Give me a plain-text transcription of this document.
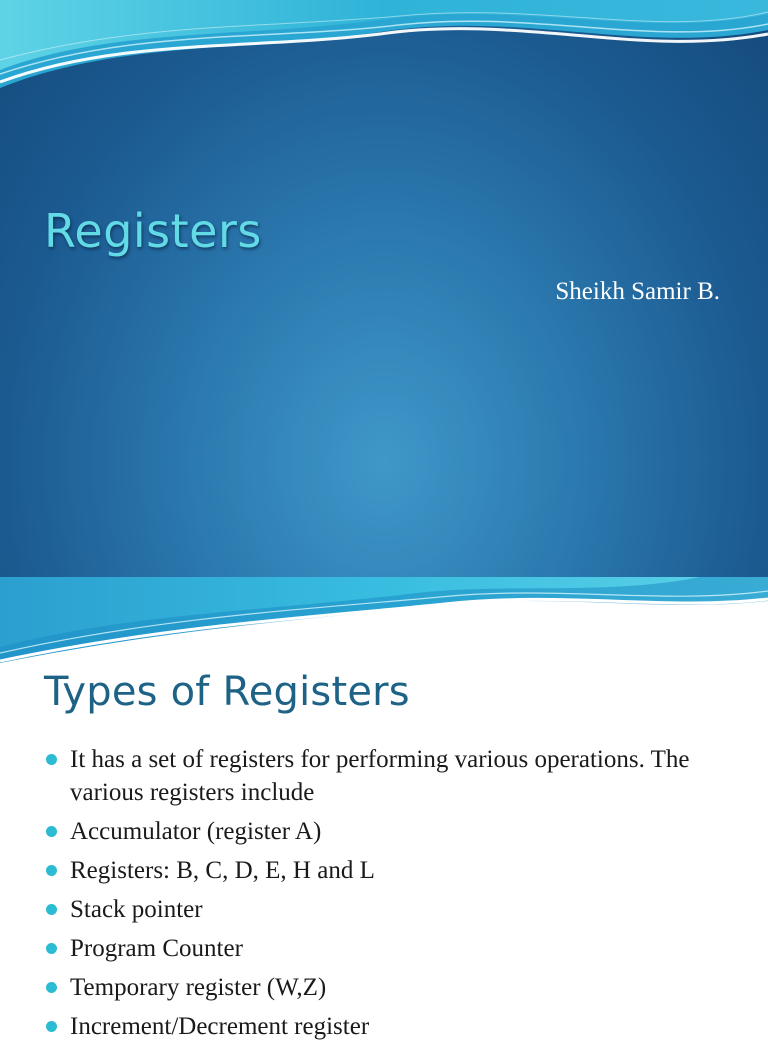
Registers
Sheikh Samir B.
Types of Registers
It has a set of registers for performing various operations. The various registers include
Accumulator (register A)
Registers: B, C, D, E, H and L
Stack pointer
Program Counter
Temporary register (W,Z)
Increment/Decrement register
